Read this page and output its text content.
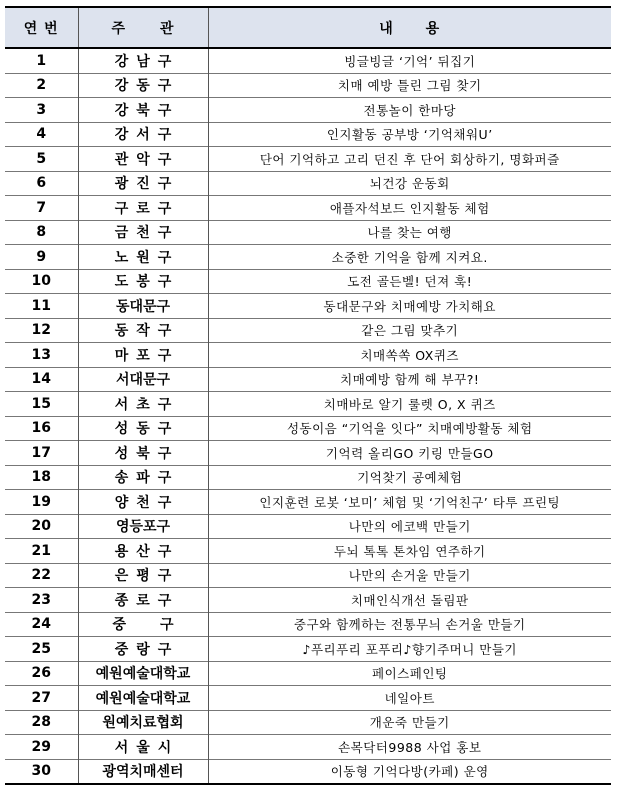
연 번	주 관	내 용
1	강남구	빙글빙글 ‘기억’ 뒤집기
2	강동구	치매 예방 틀린 그림 찾기
3	강북구	전통놀이 한마당
4	강서구	인지활동 공부방 ‘기억채워U’
5	관악구	단어 기억하고 고리 던진 후 단어 회상하기, 명화퍼즐
6	광진구	뇌건강 운동회
7	구로구	애플자석보드 인지활동 체험
8	금천구	나를 찾는 여행
9	노원구	소중한 기억을 함께 지켜요.
10	도봉구	도전 골든벨! 던져 훅!
11	동대문구	동대문구와 치매예방 가치해요
12	동작구	같은 그림 맞추기
13	마포구	치매쏙쏙 OX퀴즈
14	서대문구	치매예방 함께 해 부꾸?!
15	서초구	치매바로 알기 룰렛 O, X 퀴즈
16	성동구	성동이음 “기억을 잇다” 치매예방활동 체험
17	성북구	기억력 올리GO 키링 만들GO
18	송파구	기억찾기 공예체험
19	양천구	인지훈련 로봇 ‘보미’ 체험 및 ‘기억친구’ 타투 프린팅
20	영등포구	나만의 에코백 만들기
21	용산구	두뇌 톡톡 톤차임 연주하기
22	은평구	나만의 손거울 만들기
23	종로구	치매인식개선 돌림판
24	중구	중구와 함께하는 전통무늬 손거울 만들기
25	중랑구	♪푸리푸리 포푸리♪향기주머니 만들기
26	예원예술대학교	페이스페인팅
27	예원예술대학교	네일아트
28	원예치료협회	개운죽 만들기
29	서울시	손목닥터9988 사업 홍보
30	광역치매센터	이동형 기억다방(카페) 운영
